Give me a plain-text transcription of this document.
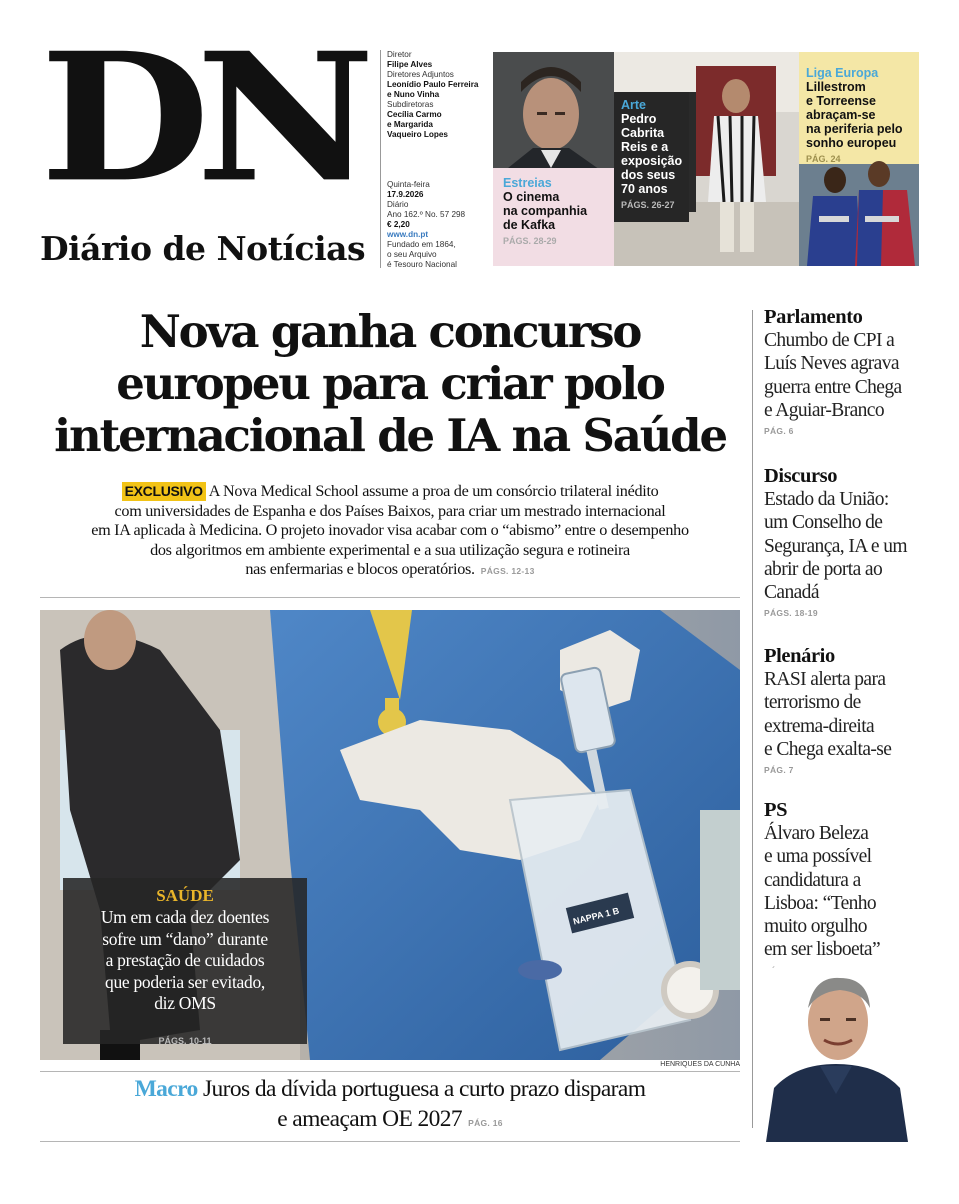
DN
Diário de Notícias
Diretor
Filipe Alves
Diretores Adjuntos
Leonídio Paulo Ferreira
e Nuno Vinha
Subdiretoras
Cecília Carmo
e Margarida
Vaqueiro Lopes
Quinta-feira
17.9.2026
Diário
Ano 162.º No. 57 298
€ 2,20
www.dn.pt
Fundado em 1864,
o seu Arquivo
é Tesouro Nacional
Estreias
O cinema
na companhia
de Kafka
PÁGS. 28-29
Arte
Pedro
Cabrita
Reis e a
exposição
dos seus
70 anos
PÁGS. 26-27
Liga Europa
Lillestrom
e Torreense
abraçam-se
na periferia pelo
sonho europeu
PÁG. 24
Nova ganha concurso
europeu para criar polo
internacional de IA na Saúde
EXCLUSIVO A Nova Medical School assume a proa de um consórcio trilateral inédito
com universidades de Espanha e dos Países Baixos, para criar um mestrado internacional
em IA aplicada à Medicina. O projeto inovador visa acabar com o “abismo” entre o desempenho
dos algoritmos em ambiente experimental e a sua utilização segura e rotineira
nas enfermarias e blocos operatórios. PÁGS. 12-13
NAPPA 1 B
SAÚDE
Um em cada dez doentes
sofre um “dano” durante
a prestação de cuidados
que poderia ser evitado,
diz OMS
PÁGS. 10-11
HENRIQUES DA CUNHA
Macro Juros da dívida portuguesa a curto prazo disparam
e ameaçam OE 2027 PÁG. 16
Parlamento
Chumbo de CPI a
Luís Neves agrava
guerra entre Chega
e Aguiar-Branco
PÁG. 6
Discurso
Estado da União:
um Conselho de
Segurança, IA e um
abrir de porta ao
Canadá
PÁGS. 18-19
Plenário
RASI alerta para
terrorismo de
extrema-direita
e Chega exalta-se
PÁG. 7
PS
Álvaro Beleza
e uma possível
candidatura a
Lisboa: “Tenho
muito orgulho
em ser lisboeta”
